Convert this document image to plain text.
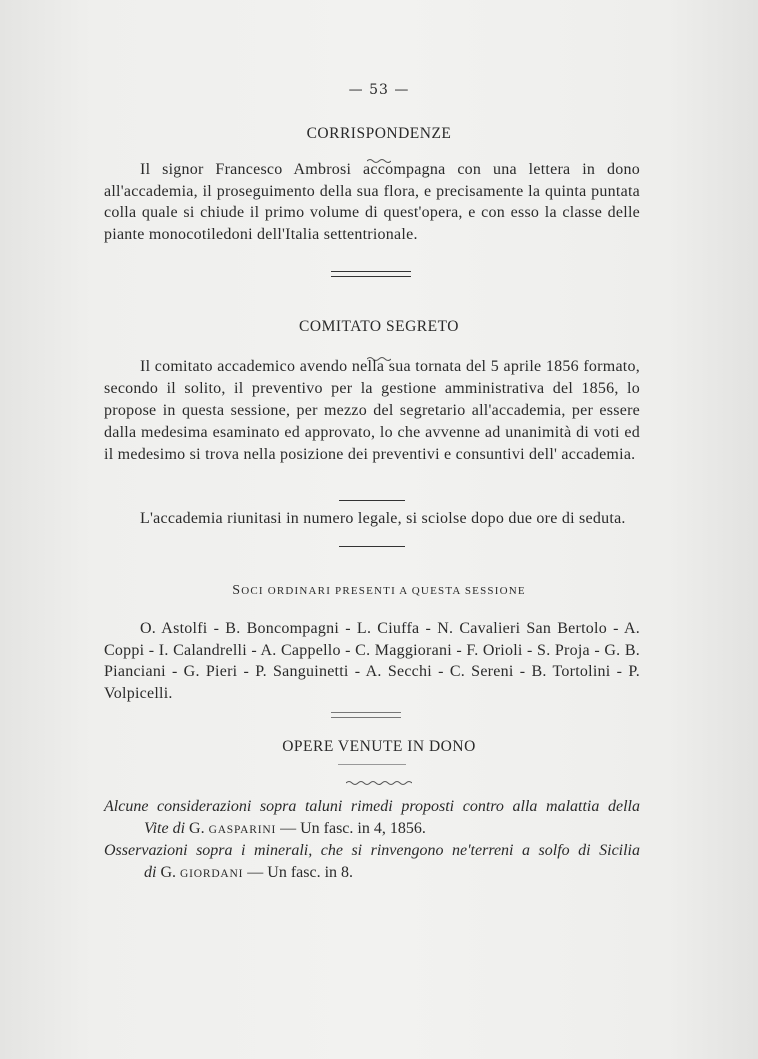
— 53 —
CORRISPONDENZE

Il signor Francesco Ambrosi accompagna con una lettera in dono all'accademia, il proseguimento della sua flora, e precisamente la quinta puntata colla quale si chiude il primo volume di quest'opera, e con esso la classe delle piante monocotiledoni dell'Italia settentrionale.

COMITATO SEGRETO

Il comitato accademico avendo nella sua tornata del 5 aprile 1856 formato, secondo il solito, il preventivo per la gestione amministrativa del 1856, lo propose in questa sessione, per mezzo del segretario all'accademia, per essere dalla medesima esaminato ed approvato, lo che avvenne ad unanimità di voti ed il medesimo si trova nella posizione dei preventivi e consuntivi dell' accademia.

L'accademia riunitasi in numero legale, si sciolse dopo due ore di seduta.

SOCI ORDINARI PRESENTI A QUESTA SESSIONE

O. Astolfi - B. Boncompagni - L. Ciuffa - N. Cavalieri San Bertolo - A. Coppi - I. Calandrelli - A. Cappello - C. Maggiorani - F. Orioli - S. Proja - G. B. Pianciani - G. Pieri - P. Sanguinetti - A. Secchi - C. Sereni - B. Tortolini - P. Volpicelli.

OPERE VENUTE IN DONO
Alcune considerazioni sopra taluni rimedi proposti contro alla malattia della
Vite di G. GASPARINI — Un fasc. in 4, 1856.
Osservazioni sopra i minerali, che si rinvengono ne'terreni a solfo di Sicilia
di G. GIORDANI — Un fasc. in 8.
